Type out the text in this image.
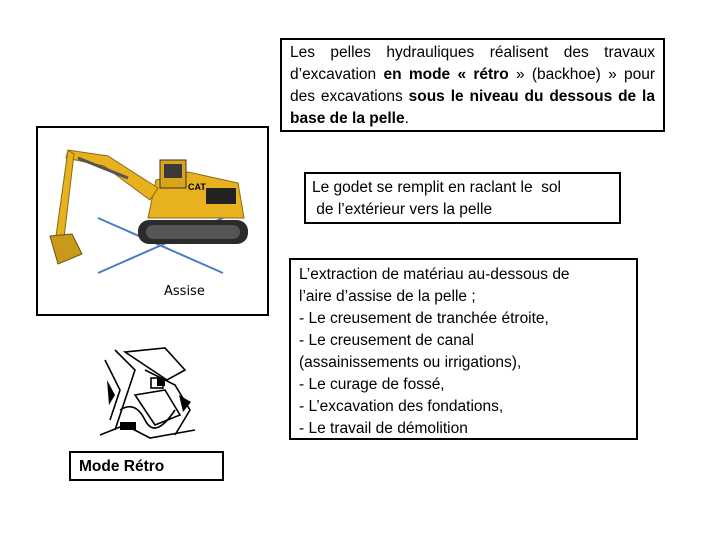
Les pelles hydrauliques réalisent des travaux d’excavation en mode « rétro » (backhoe) » pour des excavations sous le niveau du dessous de la base de la pelle.
CAT
Assise
Le godet se remplit en raclant le  sol
de l’extérieur vers la pelle
L’extraction de matériau au-dessous de
l’aire d’assise de la pelle ;
- Le creusement de tranchée étroite,
- Le creusement de canal
(assainissements ou irrigations),
- Le curage de fossé,
- L’excavation des fondations,
- Le travail de démolition
Mode Rétro
